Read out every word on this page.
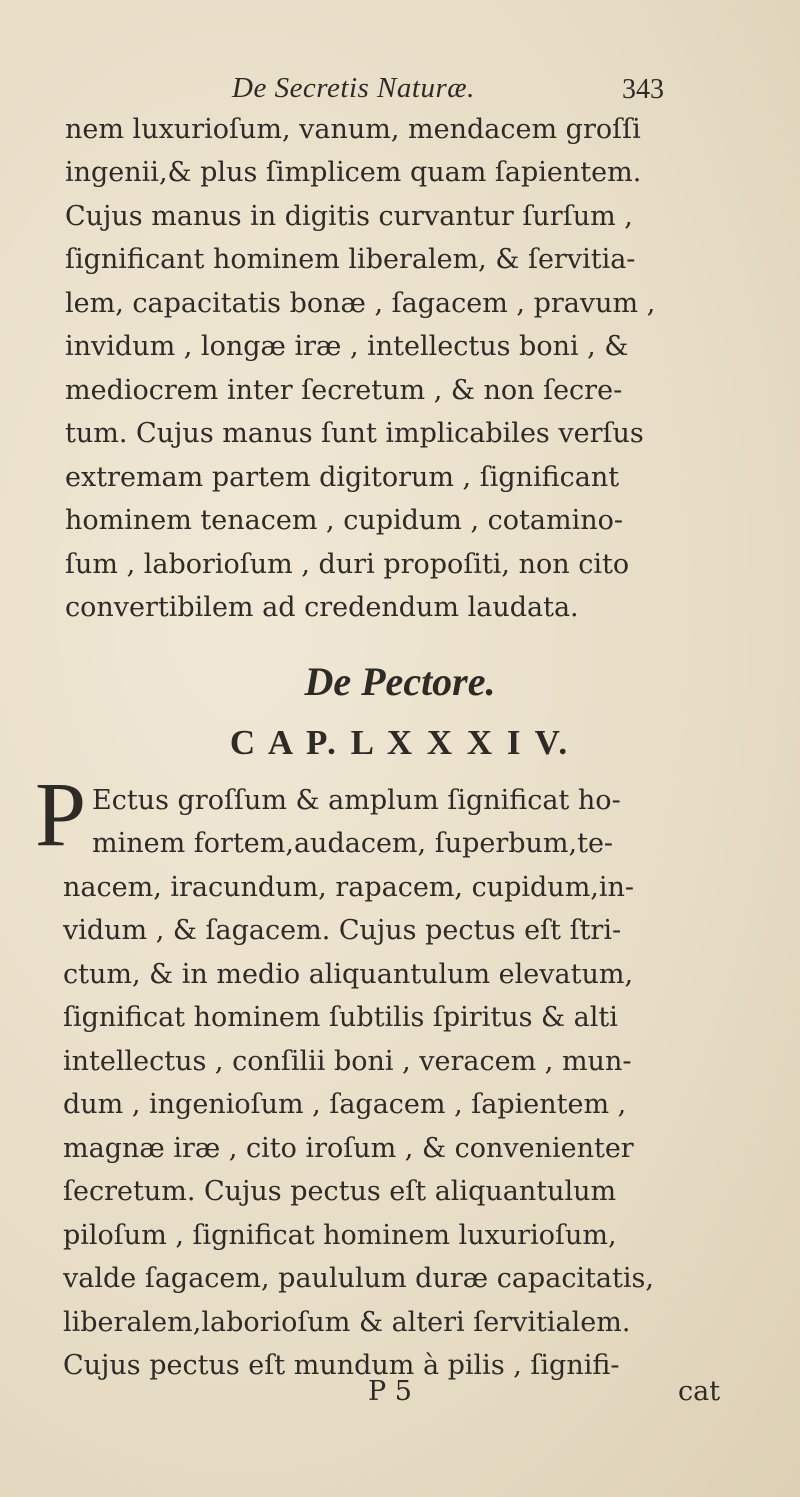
De Secretis Naturæ.	343
nem luxurioſum, vanum, mendacem groſſi
ingenii,& plus ſimplicem quam ſapientem.
Cujus manus in digitis curvantur ſurſum ,
ſignificant hominem liberalem, & ſervitia-
lem, capacitatis bonæ , ſagacem , pravum ,
invidum , longæ iræ , intellectus boni , &
mediocrem inter ſecretum , & non ſecre-
tum. Cujus manus ſunt implicabiles verſus
extremam partem digitorum , ſignificant
hominem tenacem , cupidum , cotaminο-
ſum , laborioſum , duri propoſiti, non cito
convertibilem ad credendum laudata.
De Pectore.
C A P. L X X X I V.
P Ectus groſſum & amplum ſignificat ho-
minem fortem,audacem, ſuperbum,te-
nacem, iracundum, rapacem, cupidum,in-
vidum , & ſagacem. Cujus pectus eſt ſtri-
ctum, & in medio aliquantulum elevatum,
ſignificat hominem ſubtilis ſpiritus & alti
intellectus , conſilii boni , veracem , mun-
dum , ingenioſum , ſagacem , ſapientem ,
magnæ iræ , cito iroſum , & convenienter
ſecretum. Cujus pectus eſt aliquantulum
piloſum , ſignificat hominem luxurioſum,
valde ſagacem, paululum duræ capacitatis,
liberalem,laborioſum & alteri ſervitialem.
Cujus pectus eſt mundum à pilis , ſignifi-
P 5	cat
